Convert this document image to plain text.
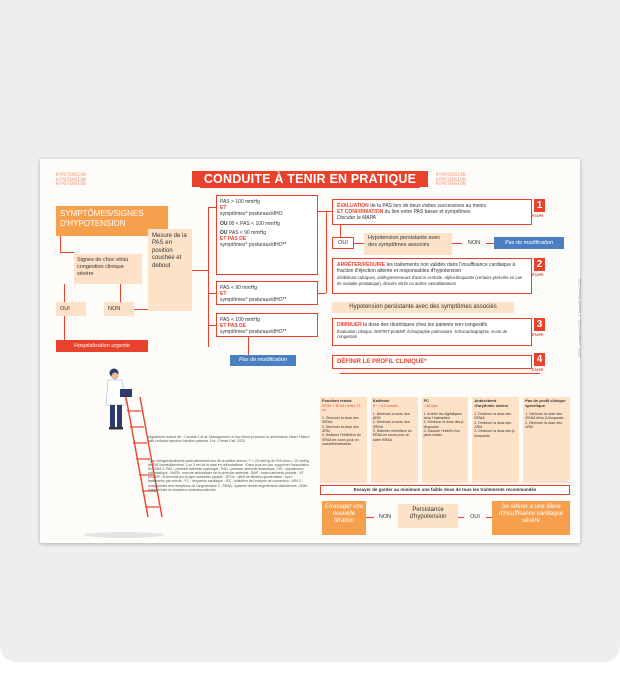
HYPOTENSION
HYPOTENSION
HYPOTENSION
HYPOTENSION
HYPOTENSION
HYPOTENSION
CONDUITE À TENIR EN PRATIQUE
19539 - septembre 2020 - © Novartis Pharma SAS
SYMPTÔMES/SIGNES D'HYPOTENSION
Signes de choc et/ou congestion clinique sévère
OUI	NON
Hospitalisation urgente
Mesure de la PAS en position couchée et debout
PAS > 100 mmHg
ET
symptômes* posturaux/dHO
OU 90 < PAS < 100 mmHg
OU PAS < 90 mmHg
ET PAS DE
symptômes* posturaux/dHO**
PAS < 90 mmHg
ET
symptômes* posturaux/dHO**
PAS < 100 mmHg
ET PAS DE
symptômes* posturaux/dHO**
Pas de modification
ÉVALUATION de la PAS lors de deux visites successives au moins
ET CONFIRMATION du lien entre PAS basse et symptômes
Discuter la MAPA
1
ÉTAPE
OUI
Hypotension persistante avec des symptômes associés	NON	Pas de modification
ARRÊTER/RÉDUIRE les traitements non validés dans l'insuffisance cardiaque à fraction d'éjection altérée et responsables d'hypotension
Inhibiteurs calciques, antihypertenseurs d'action centrale, alpha-bloquants (certains prescrits en cas de maladie prostatique), dérivés nitrés ou autres vasodilatateurs
2
ÉTAPE
Hypotension persistante avec des symptômes associés
DIMINUER la dose des diurétiques chez les patients non-congestifs
Évaluation clinique, BNP/NT-proBNP, échographie pulmonaire, échocardiographie, score de congestion
3
ÉTAPE
DÉFINIR LE PROFIL CLINIQUE*	4
ÉTAPE
Fonction rénale
DFGe < 30 mL/ min/1,73 m²
1. Diminuer la dose des iSRAA
2. Diminuer la dose des ARM
3. Switcher l'inhibiteur du SRAA en cours pour un sacubitril/valsartan
Kaliémie
K⁺ > 5,0 mmol/L
1. Diminuer la dose des ARM
2. Diminuer la dose des iSRAA
3. Switcher l'inhibiteur du SRAA en cours pour un autre iSRAA
FC
> 60 bpm
1. Arrêter les digitaliques et/ou l'ivabradine
2. Diminuer la dose des β-bloquants
3. Discuter l'intérêt d'un pace-maker
Antécédent d'arythmie sévère
1. Diminuer la dose des iSRAA
2. Diminuer la dose des ARM
3. Diminuer la dose des β-bloquants
Pas de profil clinique spécifique
1. Diminuer la dose des iSRAA et/ou β-bloquants
2. Diminuer la dose des ARM
Essayer de garder au minimum une faible dose de tous les traitements recommandés
Envisager une nouvelle titration
NON
Persistance d'hypotension	OUI
Se référer à une filière d'insuffisance cardiaque sévère
Algorithme traduit de : Cautela J et al. Management of low blood pressure in ambulatory Heart Failure with reduced ejection fraction patients. Eur J Heart Fail, 2020
* par Vertiges/lipothymie particulièrement lors de la station debout. ** > 20 mmHg de PAS et/ou > 10 mmHg de PAD immédiatement, 1 ou 3 mn de la mise en orthostatisme. *Dans tous les cas, supprimer l'association IEC/ARA 2. PAS : pression artérielle systolique ; PAD : pression artérielle diastolique ; HO : hypotension orthostatique ; MAPA : mesure ambulatoire de la pression artérielle ; BNP : brain natriuretic peptide ; NT-proBNP : N-terminal pro-B-type natriuretic peptide ; DFGe : débit de filtration glomérulaire ; bpm : battements par minute ; FC : fréquence cardiaque ; IEC : inhibiteur de l'enzyme de conversion ; ARA 2 : antagonistes des récepteurs de l'angiotensine 2 ; SRAA : système rénine-angiotensine-aldostérone ; ARM : antagonistes du récepteur minéralocorticoïde.
